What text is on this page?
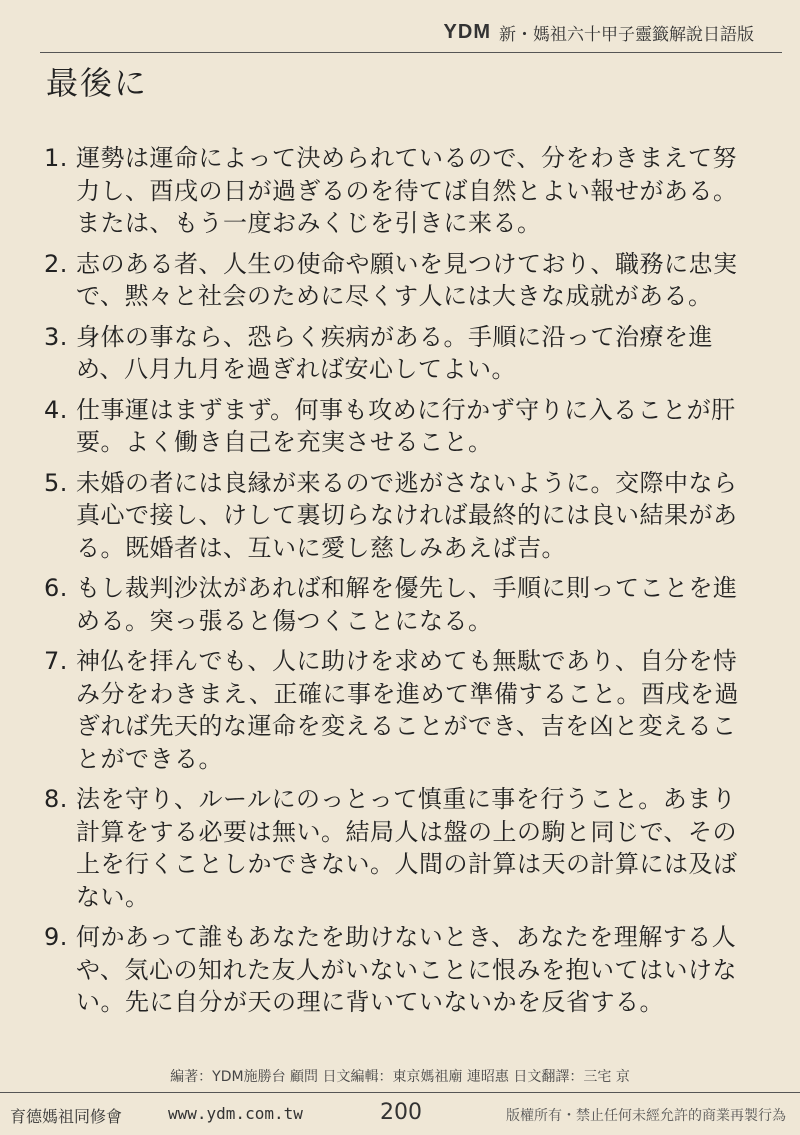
YDM 新・媽祖六十甲子靈籤解說日語版
最後に
1. 運勢は運命によって決められているので、分をわきまえて努力し、酉戌の日が過ぎるのを待てば自然とよい報せがある。または、もう一度おみくじを引きに来る。
2. 志のある者、人生の使命や願いを見つけており、職務に忠実で、黙々と社会のために尽くす人には大きな成就がある。
3. 身体の事なら、恐らく疾病がある。手順に沿って治療を進め、八月九月を過ぎれば安心してよい。
4. 仕事運はまずまず。何事も攻めに行かず守りに入ることが肝要。よく働き自己を充実させること。
5. 未婚の者には良縁が来るので逃がさないように。交際中なら真心で接し、けして裏切らなければ最終的には良い結果がある。既婚者は、互いに愛し慈しみあえば吉。
6. もし裁判沙汰があれば和解を優先し、手順に則ってことを進める。突っ張ると傷つくことになる。
7. 神仏を拝んでも、人に助けを求めても無駄であり、自分を恃み分をわきまえ、正確に事を進めて準備すること。酉戌を過ぎれば先天的な運命を変えることができ、吉を凶と変えることができる。
8. 法を守り、ルールにのっとって慎重に事を行うこと。あまり計算をする必要は無い。結局人は盤の上の駒と同じで、その上を行くことしかできない。人間の計算は天の計算には及ばない。
9. 何かあって誰もあなたを助けないとき、あなたを理解する人や、気心の知れた友人がいないことに恨みを抱いてはいけない。先に自分が天の理に背いていないかを反省する。
編著：YDM施勝台 顧問 日文編輯：東京媽祖廟 連昭惠 日文翻譯：三宅 京
育德媽祖同修會	www.ydm.com.tw	200	版權所有・禁止任何未經允許的商業再製行為
